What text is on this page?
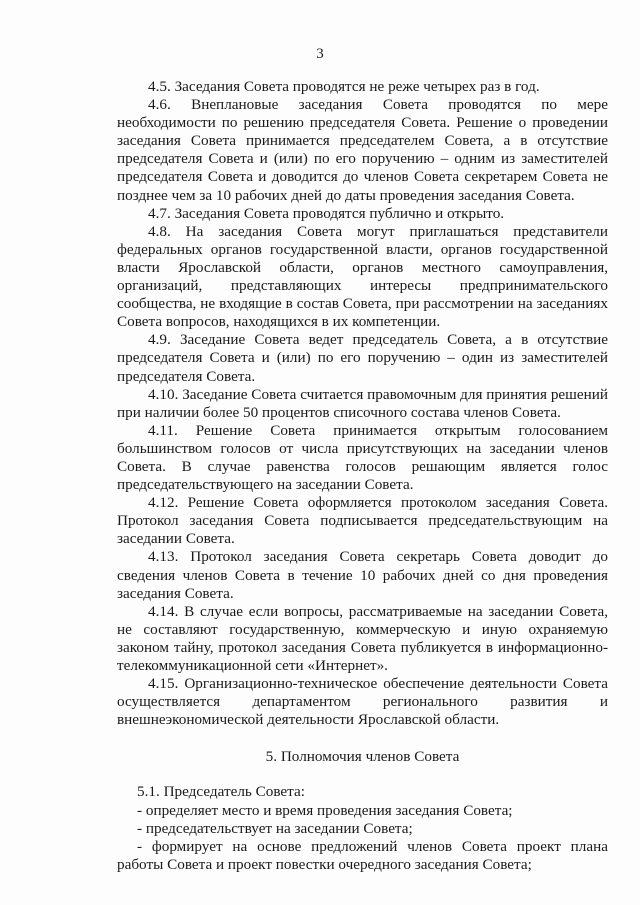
3

4.5. Заседания Совета проводятся не реже четырех раз в год.

4.6. Внеплановые заседания Совета проводятся по мере необходимости по решению председателя Совета. Решение о проведении заседания Совета принимается председателем Совета, а в отсутствие председателя Совета и (или) по его поручению – одним из заместителей председателя Совета и доводится до членов Совета секретарем Совета не позднее чем за 10 рабочих дней до даты проведения заседания Совета.

4.7. Заседания Совета проводятся публично и открыто.

4.8. На заседания Совета могут приглашаться представители федеральных органов государственной власти, органов государственной власти Ярославской области, органов местного самоуправления, организаций, представляющих интересы предпринимательского сообщества, не входящие в состав Совета, при рассмотрении на заседаниях Совета вопросов, находящихся в их компетенции.

4.9. Заседание Совета ведет председатель Совета, а в отсутствие председателя Совета и (или) по его поручению – один из заместителей председателя Совета.

4.10. Заседание Совета считается правомочным для принятия решений при наличии более 50 процентов списочного состава членов Совета.

4.11. Решение Совета принимается открытым голосованием большинством голосов от числа присутствующих на заседании членов Совета. В случае равенства голосов решающим является голос председательствующего на заседании Совета.

4.12. Решение Совета оформляется протоколом заседания Совета. Протокол заседания Совета подписывается председательствующим на заседании Совета.

4.13. Протокол заседания Совета секретарь Совета доводит до сведения членов Совета в течение 10 рабочих дней со дня проведения заседания Совета.

4.14. В случае если вопросы, рассматриваемые на заседании Совета, не составляют государственную, коммерческую и иную охраняемую законом тайну, протокол заседания Совета публикуется в информационно-телекоммуникационной сети «Интернет».

4.15. Организационно-техническое обеспечение деятельности Совета осуществляется департаментом регионального развития и внешнеэкономической деятельности Ярославской области.

5. Полномочия членов Совета

5.1. Председатель Совета:

- определяет место и время проведения заседания Совета;

- председательствует на заседании Совета;

- формирует на основе предложений членов Совета проект плана работы Совета и проект повестки очередного заседания Совета;
